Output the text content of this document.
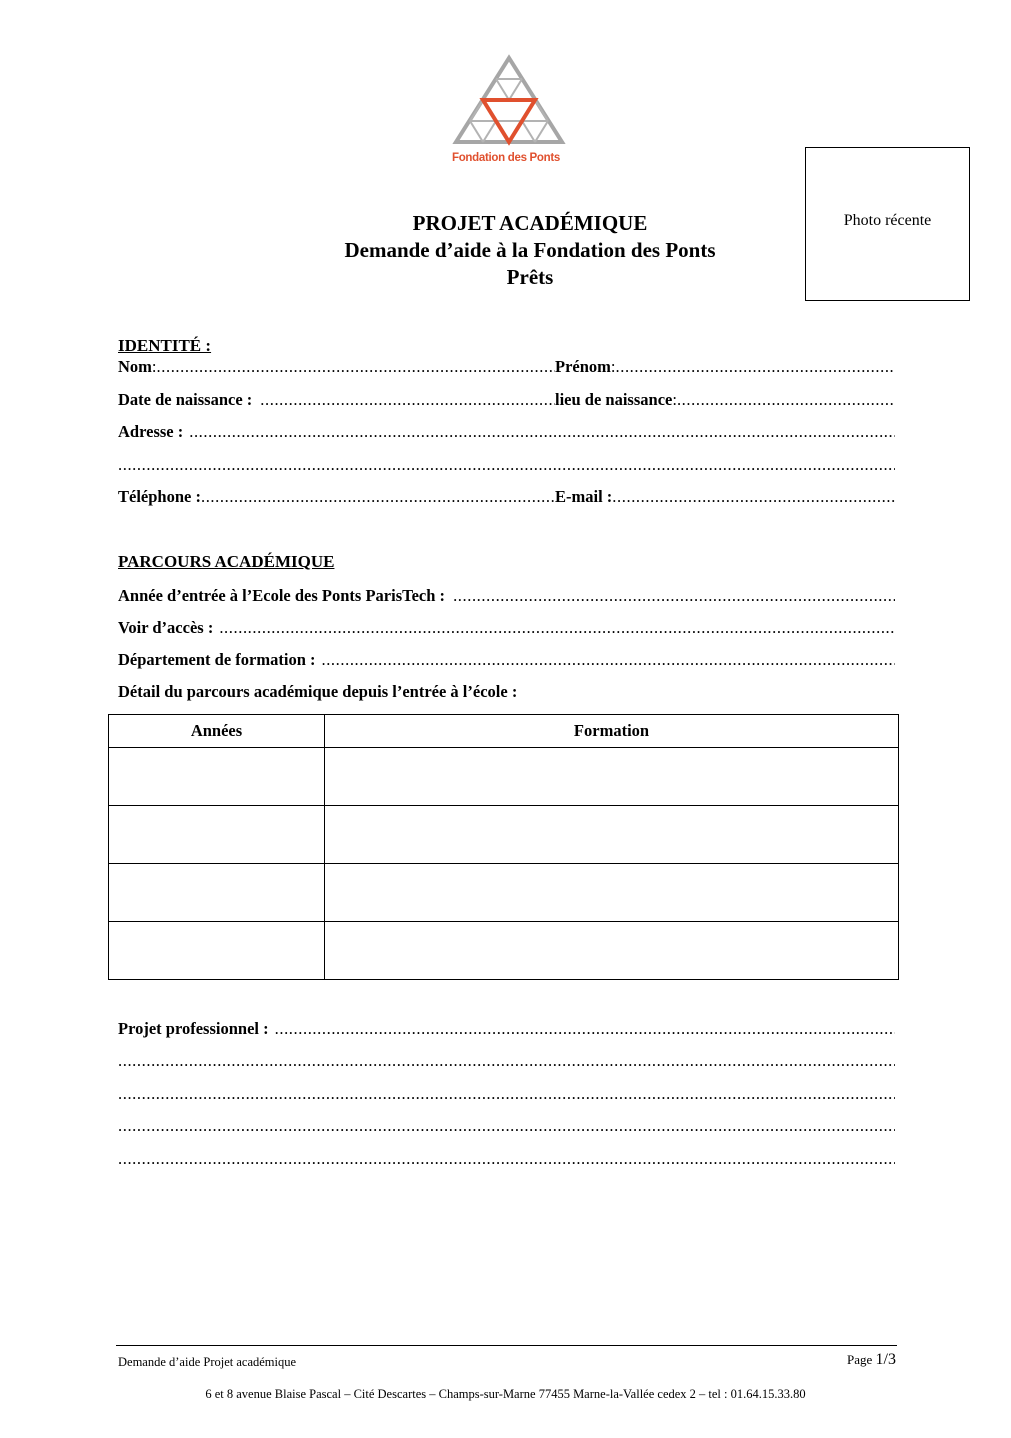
Fondation des Ponts
Photo récente
PROJET ACADÉMIQUE
Demande d’aide à la Fondation des Ponts
Prêts
IDENTITÉ :
Nom : .....	Prénom :
.....
Date de naissance : .....	lieu de naissance :
.....
Adresse :
.....
.....
Téléphone : .....	E-mail :
.....
PARCOURS ACADÉMIQUE
Année d’entrée à l’Ecole des Ponts ParisTech :
.....
Voir d’accès :
.....
Département de formation :
.....
Détail du parcours académique depuis l’entrée à l’école :
Années	Formation

Projet professionnel :
.....
.....
.....
.....
.....
Demande d’aide Projet académique	Page 1/3
6 et 8 avenue Blaise Pascal – Cité Descartes – Champs-sur-Marne 77455 Marne-la-Vallée cedex 2 – tel : 01.64.15.33.80
